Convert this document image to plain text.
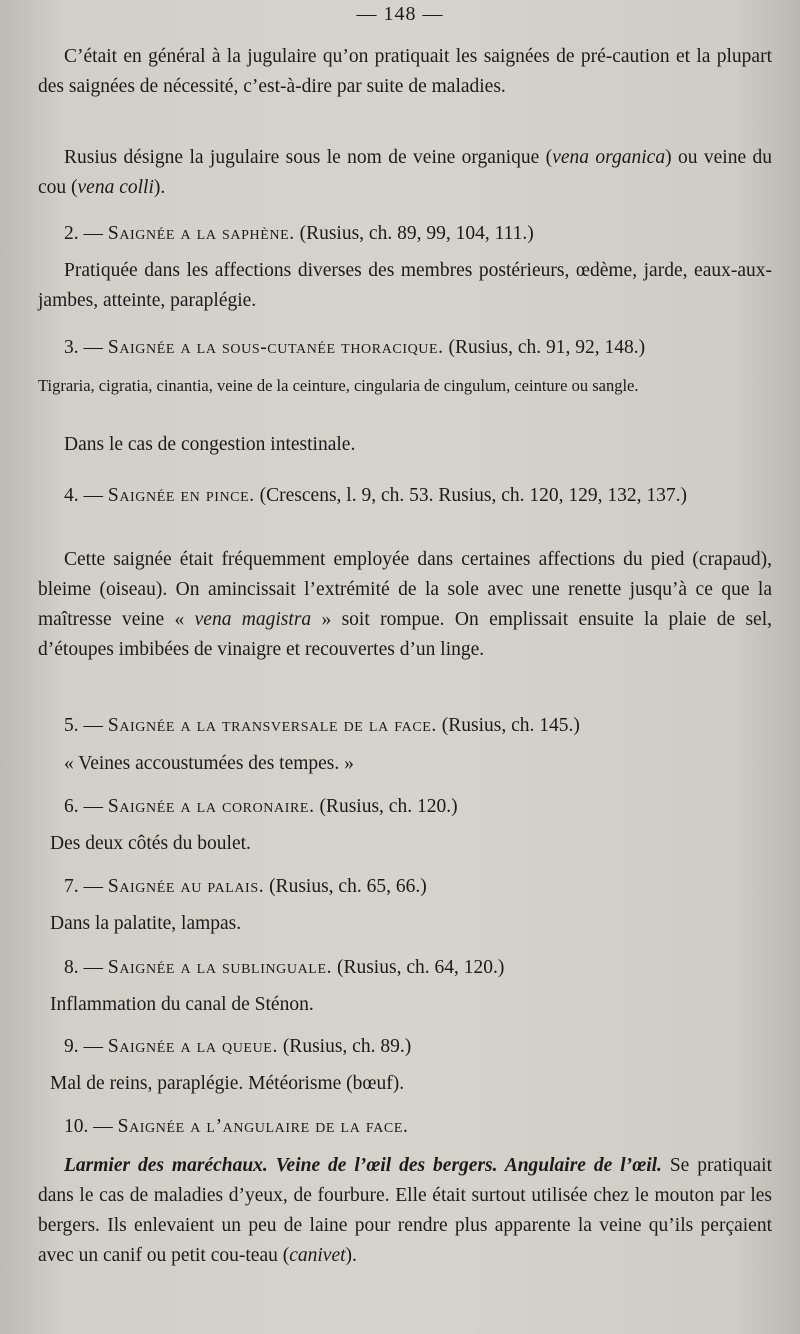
— 148 —

C’était en général à la jugulaire qu’on pratiquait les saignées de pré-caution et la plupart des saignées de nécessité, c’est-à-dire par suite de maladies.

Rusius désigne la jugulaire sous le nom de veine organique (vena organica) ou veine du cou (vena colli).

2. — Saignée a la saphène. (Rusius, ch. 89, 99, 104, 111.)

Pratiquée dans les affections diverses des membres postérieurs, œdème, jarde, eaux-aux-jambes, atteinte, paraplégie.

3. — Saignée a la sous-cutanée thoracique. (Rusius, ch. 91, 92, 148.)

Tigraria, cigratia, cinantia, veine de la ceinture, cingularia de cingulum, ceinture ou sangle.

Dans le cas de congestion intestinale.

4. — Saignée en pince. (Crescens, l. 9, ch. 53. Rusius, ch. 120, 129, 132, 137.)

Cette saignée était fréquemment employée dans certaines affections du pied (crapaud), bleime (oiseau). On amincissait l’extrémité de la sole avec une renette jusqu’à ce que la maîtresse veine « vena magistra » soit rompue. On emplissait ensuite la plaie de sel, d’étoupes imbibées de vinaigre et recouvertes d’un linge.

5. — Saignée a la transversale de la face. (Rusius, ch. 145.)

« Veines accoustumées des tempes. »

6. — Saignée a la coronaire. (Rusius, ch. 120.)

Des deux côtés du boulet.

7. — Saignée au palais. (Rusius, ch. 65, 66.)

Dans la palatite, lampas.

8. — Saignée a la sublinguale. (Rusius, ch. 64, 120.)

Inflammation du canal de Sténon.

9. — Saignée a la queue. (Rusius, ch. 89.)

Mal de reins, paraplégie. Météorisme (bœuf).

10. — Saignée a l’angulaire de la face.

Larmier des maréchaux. Veine de l’œil des bergers. Angulaire de l’œil. Se pratiquait dans le cas de maladies d’yeux, de fourbure. Elle était surtout utilisée chez le mouton par les bergers. Ils enlevaient un peu de laine pour rendre plus apparente la veine qu’ils perçaient avec un canif ou petit cou-teau (canivet).
